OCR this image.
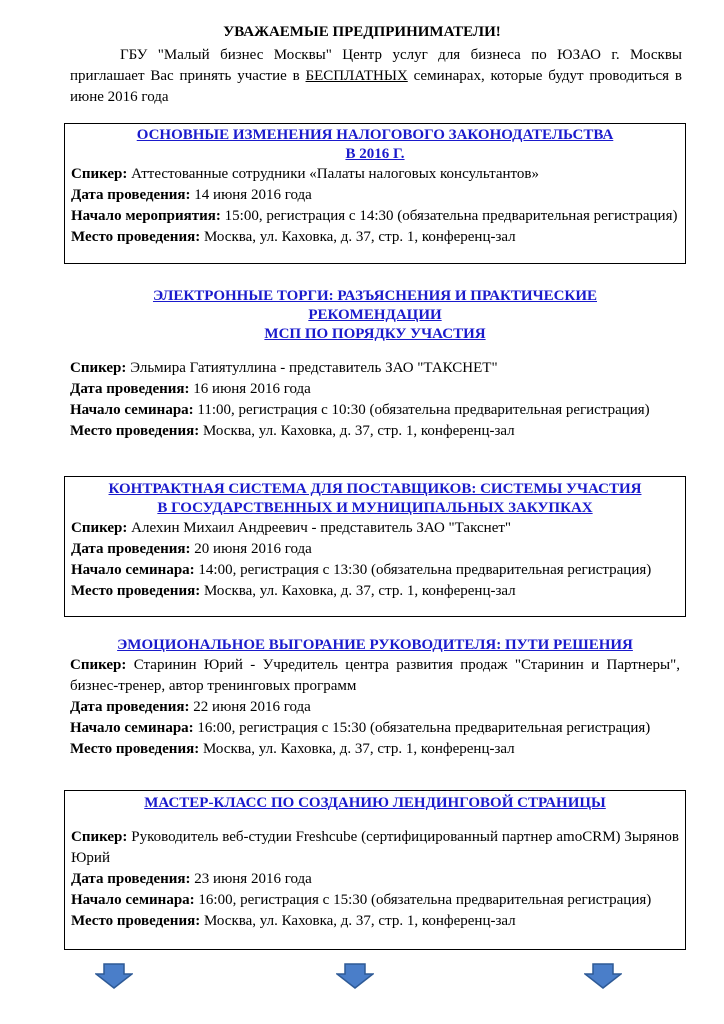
УВАЖАЕМЫЕ ПРЕДПРИНИМАТЕЛИ!
ГБУ "Малый бизнес Москвы" Центр услуг для бизнеса по ЮЗАО г. Москвы приглашает Вас принять участие в БЕСПЛАТНЫХ семинарах, которые будут проводиться в июне 2016 года
ОСНОВНЫЕ ИЗМЕНЕНИЯ НАЛОГОВОГО ЗАКОНОДАТЕЛЬСТВА
В 2016 Г.
Спикер: Аттестованные сотрудники «Палаты налоговых консультантов»
Дата проведения: 14 июня 2016 года
Начало мероприятия: 15:00, регистрация с 14:30 (обязательна предварительная регистрация)
Место проведения: Москва, ул. Каховка, д. 37, стр. 1, конференц-зал
ЭЛЕКТРОННЫЕ ТОРГИ: РАЗЪЯСНЕНИЯ И ПРАКТИЧЕСКИЕ
РЕКОМЕНДАЦИИ
МСП ПО ПОРЯДКУ УЧАСТИЯ
Спикер: Эльмира Гатиятуллина - представитель ЗАО "ТАКСНЕТ"
Дата проведения: 16 июня 2016 года
Начало семинара: 11:00, регистрация с 10:30 (обязательна предварительная регистрация)
Место проведения: Москва, ул. Каховка, д. 37, стр. 1, конференц-зал
КОНТРАКТНАЯ СИСТЕМА ДЛЯ ПОСТАВЩИКОВ: СИСТЕМЫ УЧАСТИЯ
В ГОСУДАРСТВЕННЫХ И МУНИЦИПАЛЬНЫХ ЗАКУПКАХ
Спикер: Алехин Михаил Андреевич - представитель ЗАО "Такснет"
Дата проведения: 20 июня 2016 года
Начало семинара: 14:00, регистрация с 13:30 (обязательна предварительная регистрация)
Место проведения: Москва, ул. Каховка, д. 37, стр. 1, конференц-зал
ЭМОЦИОНАЛЬНОЕ ВЫГОРАНИЕ РУКОВОДИТЕЛЯ: ПУТИ РЕШЕНИЯ
Спикер: Старинин Юрий - Учредитель центра развития продаж "Старинин и Партнеры", бизнес-тренер, автор тренинговых программ
Дата проведения: 22 июня 2016 года
Начало семинара: 16:00, регистрация с 15:30 (обязательна предварительная регистрация)
Место проведения: Москва, ул. Каховка, д. 37, стр. 1, конференц-зал
МАСТЕР-КЛАСС ПО СОЗДАНИЮ ЛЕНДИНГОВОЙ СТРАНИЦЫ
Спикер: Руководитель веб-студии Freshcube (сертифицированный партнер amoCRM) Зырянов Юрий
Дата проведения: 23 июня 2016 года
Начало семинара: 16:00, регистрация с 15:30 (обязательна предварительная регистрация)
Место проведения: Москва, ул. Каховка, д. 37, стр. 1, конференц-зал
